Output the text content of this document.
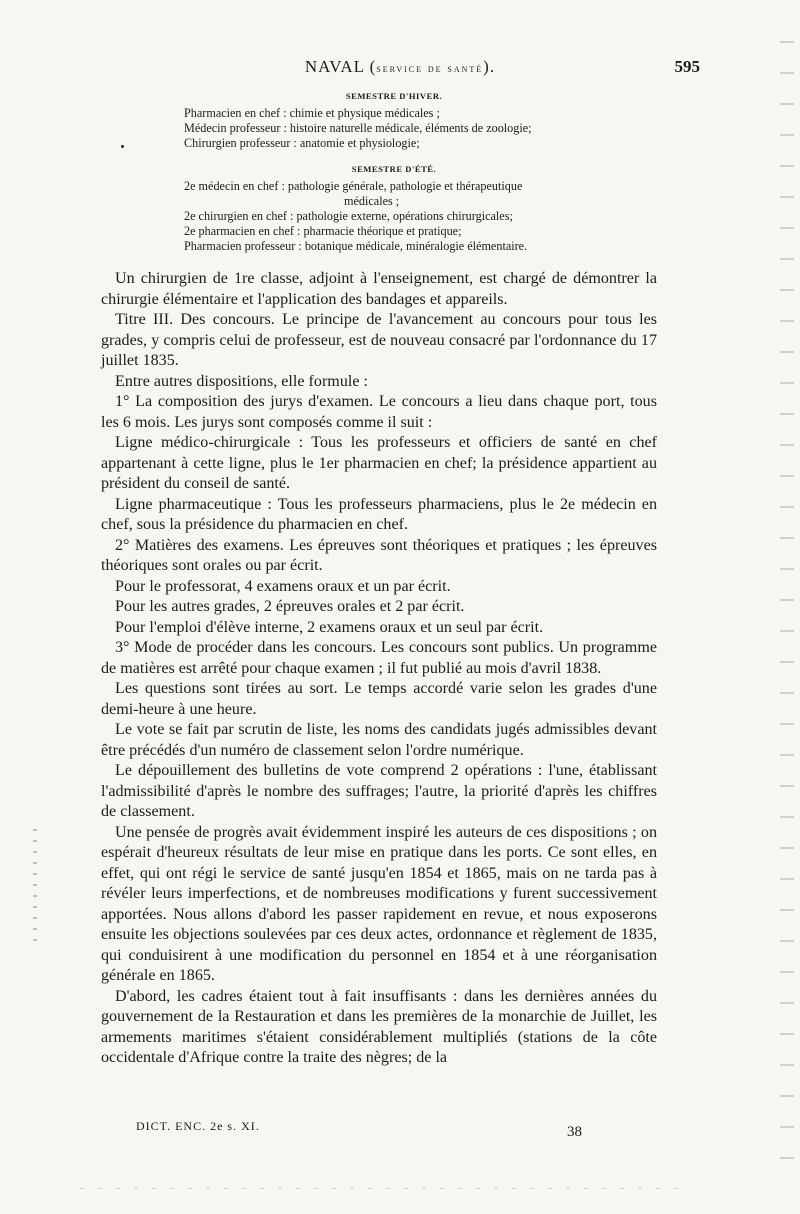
NAVAL (service de santé).	595
SEMESTRE D'HIVER.
Pharmacien en chef : chimie et physique médicales ;
Médecin professeur : histoire naturelle médicale, éléments de zoologie;
Chirurgien professeur : anatomie et physiologie;
SEMESTRE D'ÉTÉ.
2e médecin en chef : pathologie générale, pathologie et thérapeutique
médicales ;
2e chirurgien en chef : pathologie externe, opérations chirurgicales;
2e pharmacien en chef : pharmacie théorique et pratique;
Pharmacien professeur : botanique médicale, minéralogie élémentaire.

Un chirurgien de 1re classe, adjoint à l'enseignement, est chargé de démontrer la chirurgie élémentaire et l'application des bandages et appareils.

Titre III. Des concours. Le principe de l'avancement au concours pour tous les grades, y compris celui de professeur, est de nouveau consacré par l'ordonnance du 17 juillet 1835.

Entre autres dispositions, elle formule :

1° La composition des jurys d'examen. Le concours a lieu dans chaque port, tous les 6 mois. Les jurys sont composés comme il suit :

Ligne médico-chirurgicale : Tous les professeurs et officiers de santé en chef appartenant à cette ligne, plus le 1er pharmacien en chef; la présidence appartient au président du conseil de santé.

Ligne pharmaceutique : Tous les professeurs pharmaciens, plus le 2e médecin en chef, sous la présidence du pharmacien en chef.

2° Matières des examens. Les épreuves sont théoriques et pratiques ; les épreuves théoriques sont orales ou par écrit.

Pour le professorat, 4 examens oraux et un par écrit.

Pour les autres grades, 2 épreuves orales et 2 par écrit.

Pour l'emploi d'élève interne, 2 examens oraux et un seul par écrit.

3° Mode de procéder dans les concours. Les concours sont publics. Un programme de matières est arrêté pour chaque examen ; il fut publié au mois d'avril 1838.

Les questions sont tirées au sort. Le temps accordé varie selon les grades d'une demi-heure à une heure.

Le vote se fait par scrutin de liste, les noms des candidats jugés admissibles devant être précédés d'un numéro de classement selon l'ordre numérique.

Le dépouillement des bulletins de vote comprend 2 opérations : l'une, établissant l'admissibilité d'après le nombre des suffrages; l'autre, la priorité d'après les chiffres de classement.

Une pensée de progrès avait évidemment inspiré les auteurs de ces dispositions ; on espérait d'heureux résultats de leur mise en pratique dans les ports. Ce sont elles, en effet, qui ont régi le service de santé jusqu'en 1854 et 1865, mais on ne tarda pas à révéler leurs imperfections, et de nombreuses modifications y furent successivement apportées. Nous allons d'abord les passer rapidement en revue, et nous exposerons ensuite les objections soulevées par ces deux actes, ordonnance et règlement de 1835, qui conduisirent à une modification du personnel en 1854 et à une réorganisation générale en 1865.

D'abord, les cadres étaient tout à fait insuffisants : dans les dernières années du gouvernement de la Restauration et dans les premières de la monarchie de Juillet, les armements maritimes s'étaient considérablement multipliés (stations de la côte occidentale d'Afrique contre la traite des nègres; de la

DICT. ENC. 2e s. XI.	38
